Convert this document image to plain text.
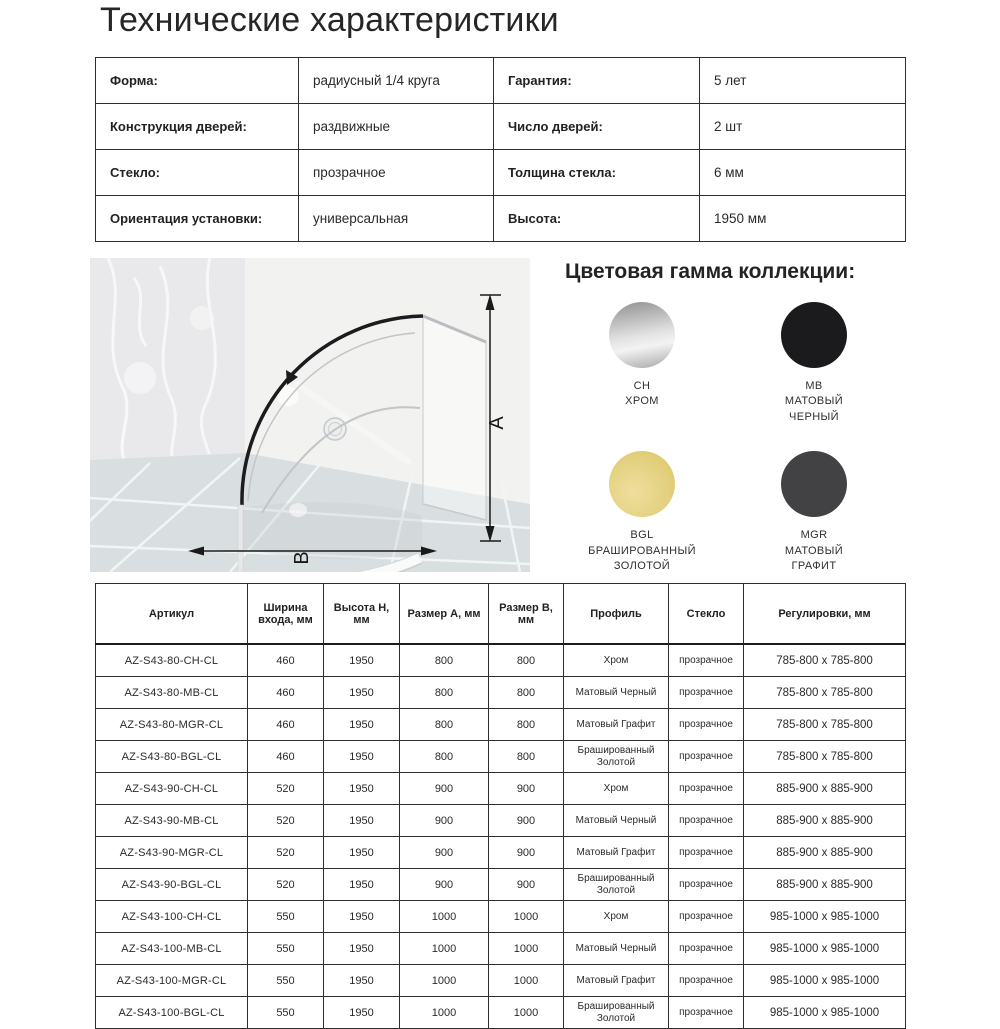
Технические характеристики
Форма:	радиусный 1/4 круга	Гарантия:	5 лет
Конструкция дверей:	раздвижные	Число дверей:	2 шт
Стекло:	прозрачное	Толщина стекла:	6 мм
Ориентация установки:	универсальная	Высота:	1950 мм
A
B
Цветовая гамма коллекции:
CH
ХРОМ
MB
МАТОВЫЙ
ЧЕРНЫЙ
BGL
БРАШИРОВАННЫЙ
ЗОЛОТОЙ
MGR
МАТОВЫЙ
ГРАФИТ
Артикул	Ширина входа, мм	Высота H, мм	Размер A, мм	Размер B, мм	Профиль	Стекло	Регулировки, мм
AZ-S43-80-CH-CL	460	1950	800	800	Хром	прозрачное	785-800 x 785-800
AZ-S43-80-MB-CL	460	1950	800	800	Матовый Черный	прозрачное	785-800 x 785-800
AZ-S43-80-MGR-CL	460	1950	800	800	Матовый Графит	прозрачное	785-800 x 785-800
AZ-S43-80-BGL-CL	460	1950	800	800	Брашированный Золотой	прозрачное	785-800 x 785-800
AZ-S43-90-CH-CL	520	1950	900	900	Хром	прозрачное	885-900 x 885-900
AZ-S43-90-MB-CL	520	1950	900	900	Матовый Черный	прозрачное	885-900 x 885-900
AZ-S43-90-MGR-CL	520	1950	900	900	Матовый Графит	прозрачное	885-900 x 885-900
AZ-S43-90-BGL-CL	520	1950	900	900	Брашированный Золотой	прозрачное	885-900 x 885-900
AZ-S43-100-CH-CL	550	1950	1000	1000	Хром	прозрачное	985-1000 x 985-1000
AZ-S43-100-MB-CL	550	1950	1000	1000	Матовый Черный	прозрачное	985-1000 x 985-1000
AZ-S43-100-MGR-CL	550	1950	1000	1000	Матовый Графит	прозрачное	985-1000 x 985-1000
AZ-S43-100-BGL-CL	550	1950	1000	1000	Брашированный Золотой	прозрачное	985-1000 x 985-1000
